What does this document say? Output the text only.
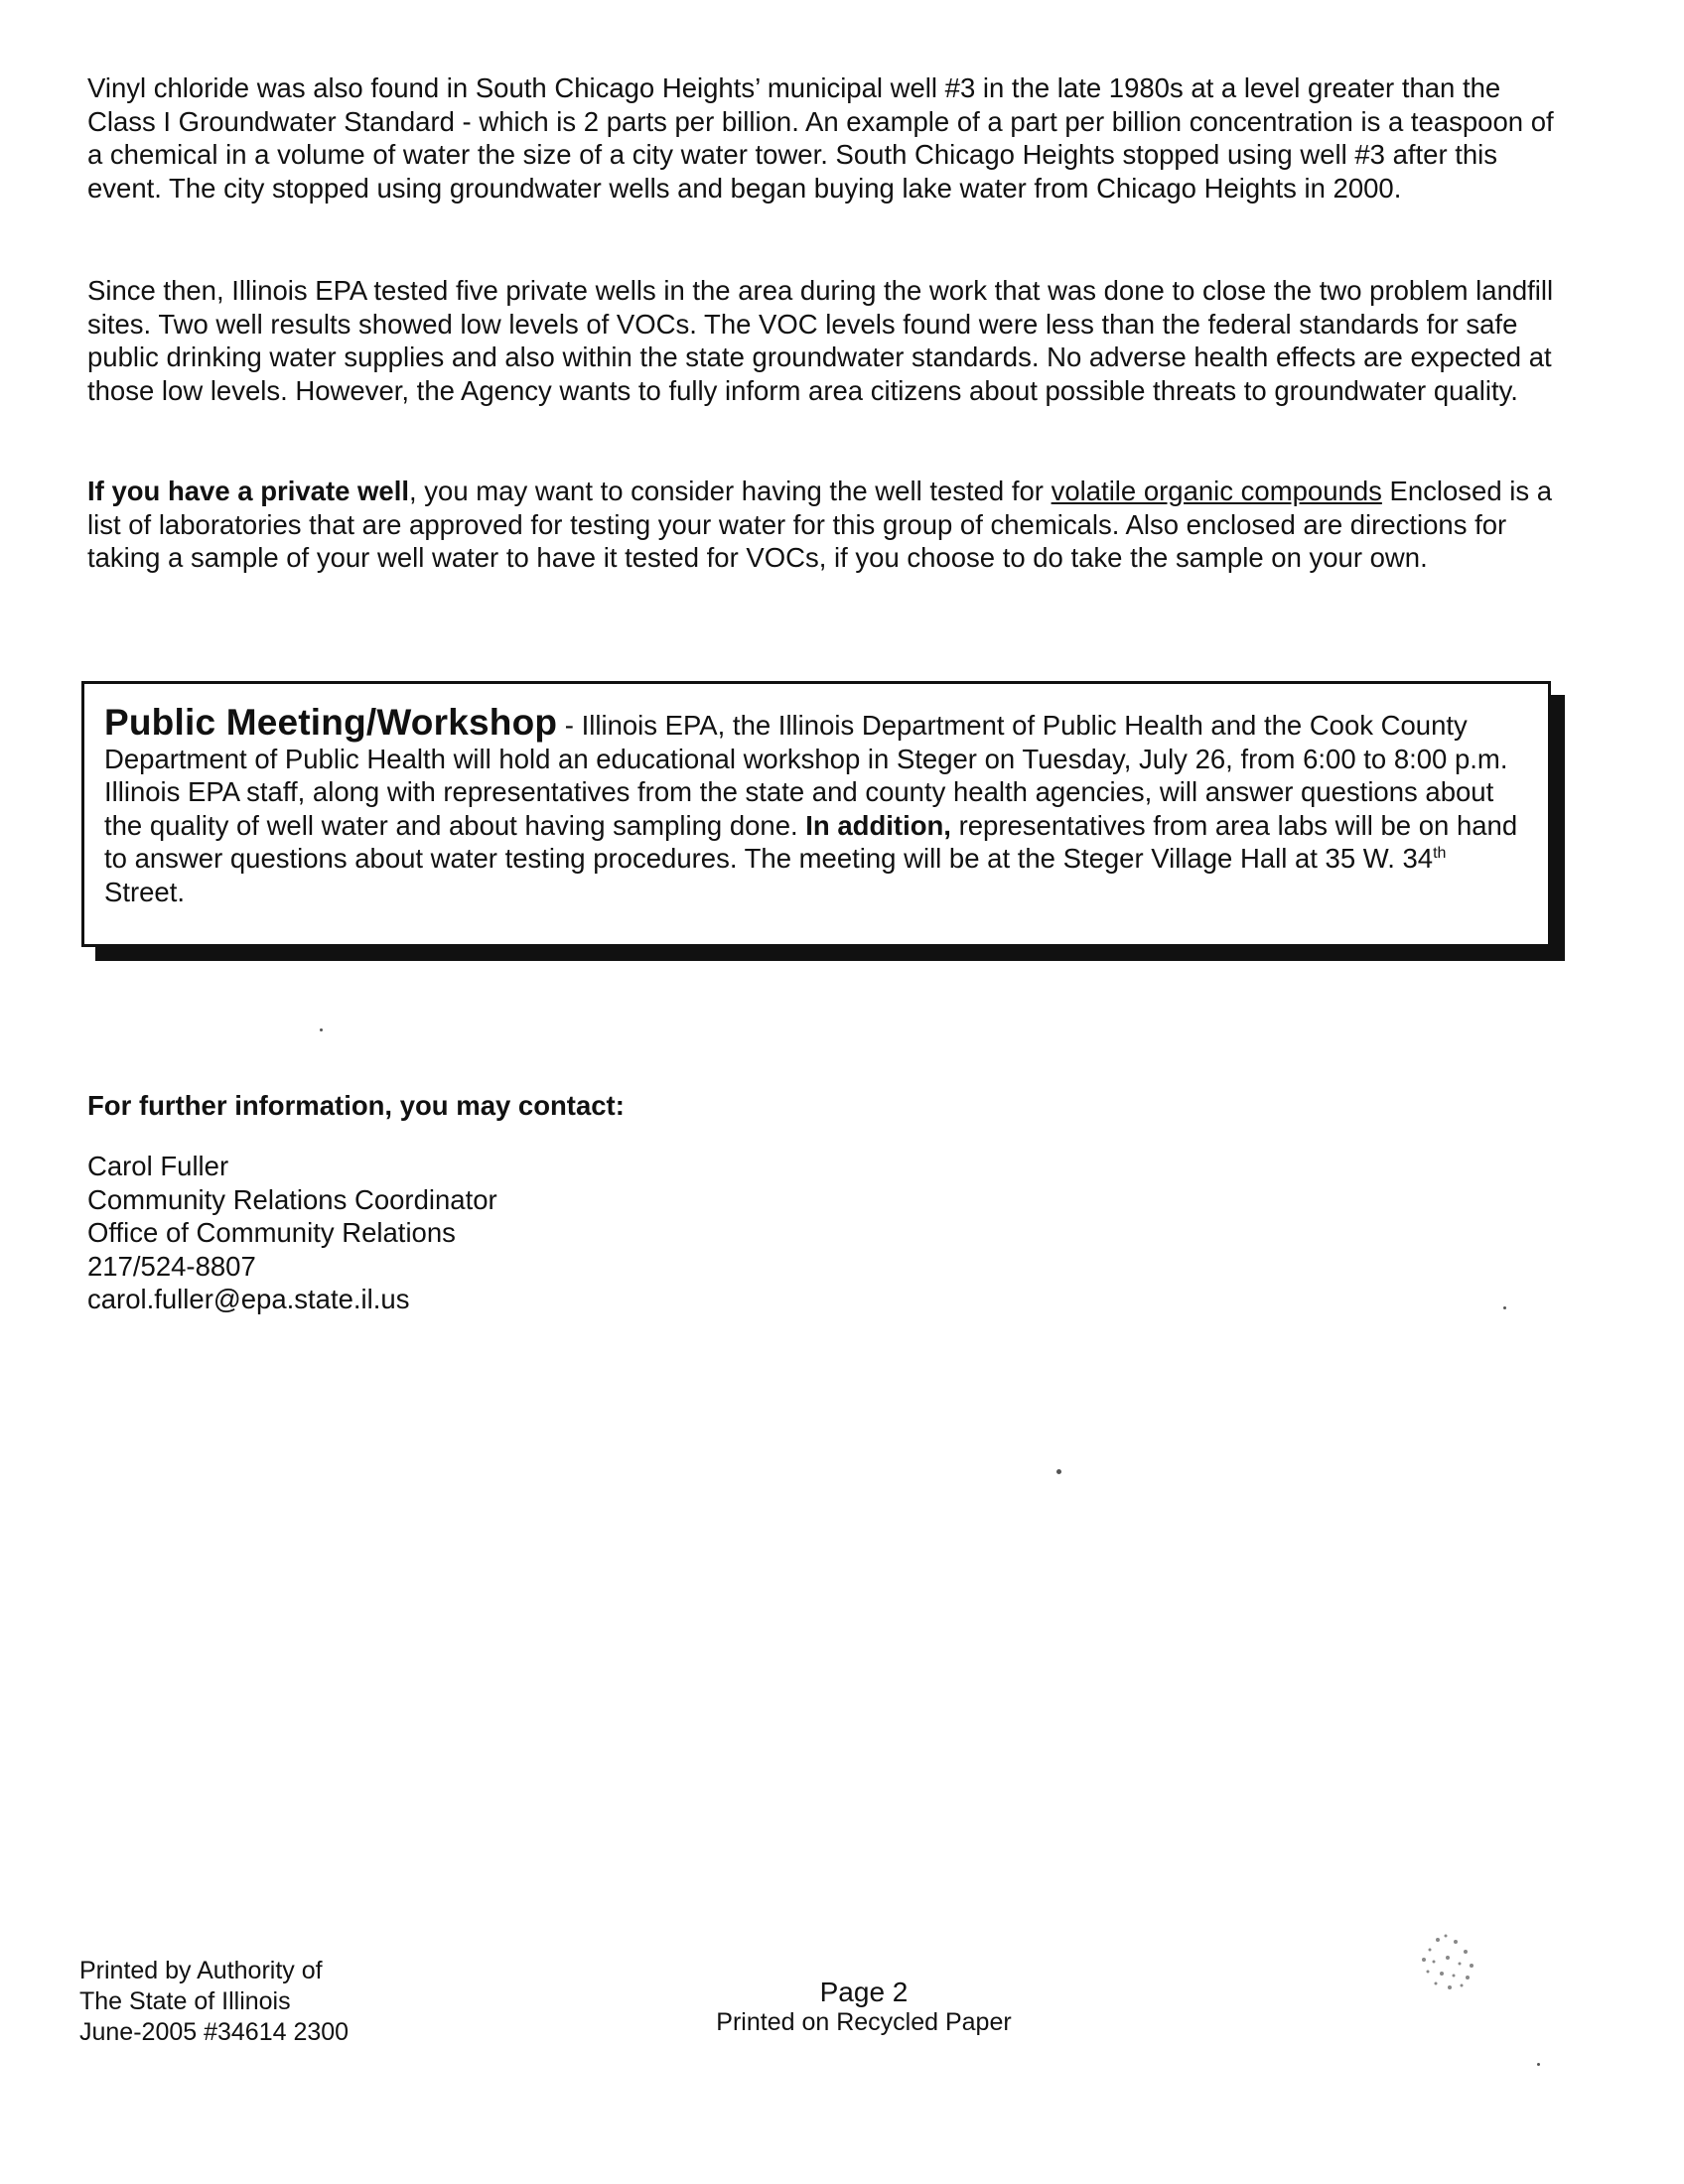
Vinyl chloride was also found in South Chicago Heights’ municipal well #3 in the late 1980s at a level greater than the Class I Groundwater Standard - which is 2 parts per billion. An example of a part per billion concentration is a teaspoon of a chemical in a volume of water the size of a city water tower. South Chicago Heights stopped using well #3 after this event. The city stopped using groundwater wells and began buying lake water from Chicago Heights in 2000.

Since then, Illinois EPA tested five private wells in the area during the work that was done to close the two problem landfill sites. Two well results showed low levels of VOCs. The VOC levels found were less than the federal standards for safe public drinking water supplies and also within the state groundwater standards. No adverse health effects are expected at those low levels. However, the Agency wants to fully inform area citizens about possible threats to groundwater quality.

If you have a private well, you may want to consider having the well tested for volatile organic compounds Enclosed is a list of laboratories that are approved for testing your water for this group of chemicals. Also enclosed are directions for taking a sample of your well water to have it tested for VOCs, if you choose to do take the sample on your own.

Public Meeting/Workshop - Illinois EPA, the Illinois Department of Public Health and the Cook County Department of Public Health will hold an educational workshop in Steger on Tuesday, July 26, from 6:00 to 8:00 p.m. Illinois EPA staff, along with representatives from the state and county health agencies, will answer questions about the quality of well water and about having sampling done. In addition, representatives from area labs will be on hand to answer questions about water testing procedures. The meeting will be at the Steger Village Hall at 35 W. 34th Street.

For further information, you may contact:

Carol Fuller
Community Relations Coordinator
Office of Community Relations
217/524-8807
carol.fuller@epa.state.il.us
Printed by Authority of
The State of Illinois
June-2005 #34614 2300
Page 2
Printed on Recycled Paper
